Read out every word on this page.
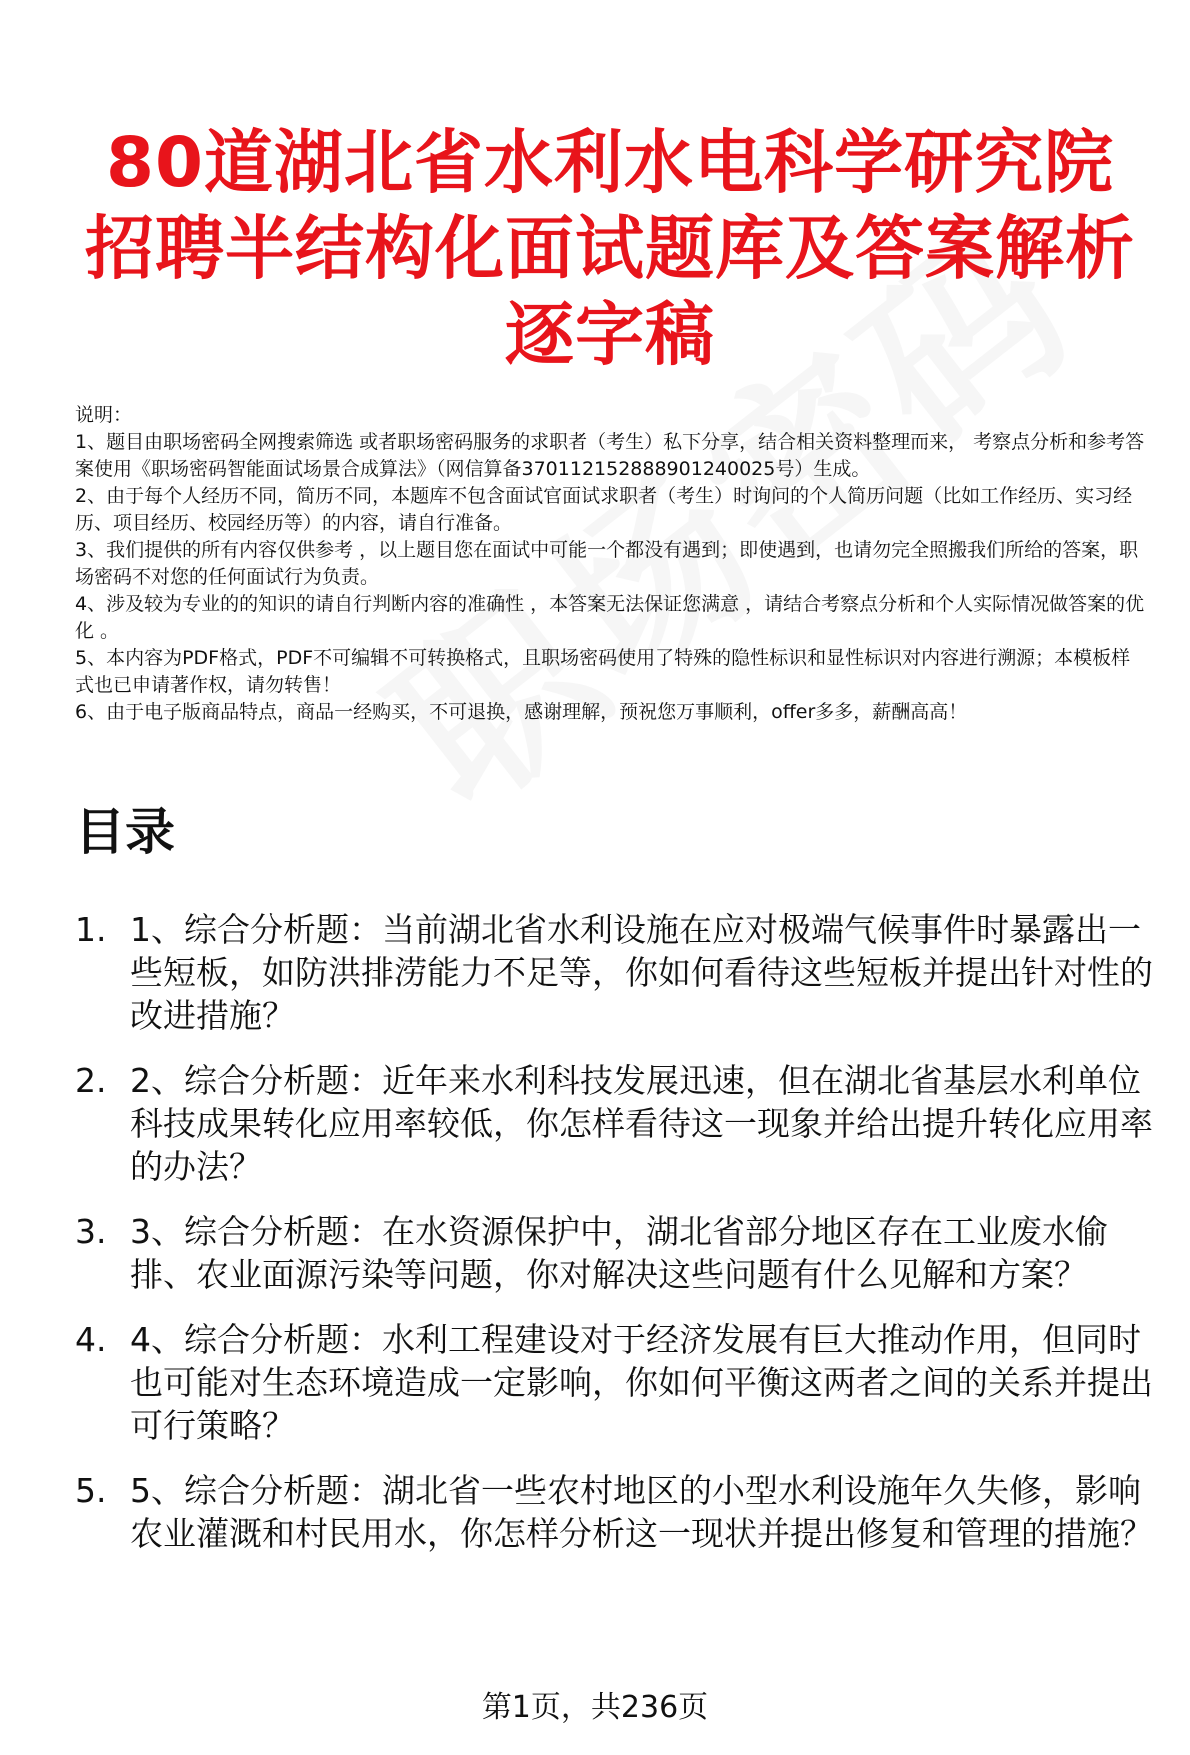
80道湖北省水利水电科学研究院招聘半结构化面试题库及答案解析逐字稿
说明：
1、题目由职场密码全网搜索筛选 或者职场密码服务的求职者（考生）私下分享，结合相关资料整理而来， 考察点分析和参考答案使用《职场密码智能面试场景合成算法》（网信算备370112152888901240025号）生成。
2、由于每个人经历不同，简历不同，本题库不包含面试官面试求职者（考生）时询问的个人简历问题（比如工作经历、实习经历、项目经历、校园经历等）的内容，请自行准备。
3、我们提供的所有内容仅供参考 ，以上题目您在面试中可能一个都没有遇到；即使遇到，也请勿完全照搬我们所给的答案，职场密码不对您的任何面试行为负责。
4、涉及较为专业的的知识的请自行判断内容的准确性 ，本答案无法保证您满意 ，请结合考察点分析和个人实际情况做答案的优化 。
5、本内容为PDF格式，PDF不可编辑不可转换格式，且职场密码使用了特殊的隐性标识和显性标识对内容进行溯源；本模板样式也已申请著作权，请勿转售！
6、由于电子版商品特点，商品一经购买，不可退换，感谢理解，预祝您万事顺利，offer多多，薪酬高高！
目录
1. 1、综合分析题：当前湖北省水利设施在应对极端气候事件时暴露出一些短板，如防洪排涝能力不足等，你如何看待这些短板并提出针对性的改进措施？
2. 2、综合分析题：近年来水利科技发展迅速，但在湖北省基层水利单位科技成果转化应用率较低，你怎样看待这一现象并给出提升转化应用率的办法？
3. 3、综合分析题：在水资源保护中，湖北省部分地区存在工业废水偷排、农业面源污染等问题，你对解决这些问题有什么见解和方案？
4. 4、综合分析题：水利工程建设对于经济发展有巨大推动作用，但同时也可能对生态环境造成一定影响，你如何平衡这两者之间的关系并提出可行策略？
5. 5、综合分析题：湖北省一些农村地区的小型水利设施年久失修，影响农业灌溉和村民用水，你怎样分析这一现状并提出修复和管理的措施？
第1页，共236页
